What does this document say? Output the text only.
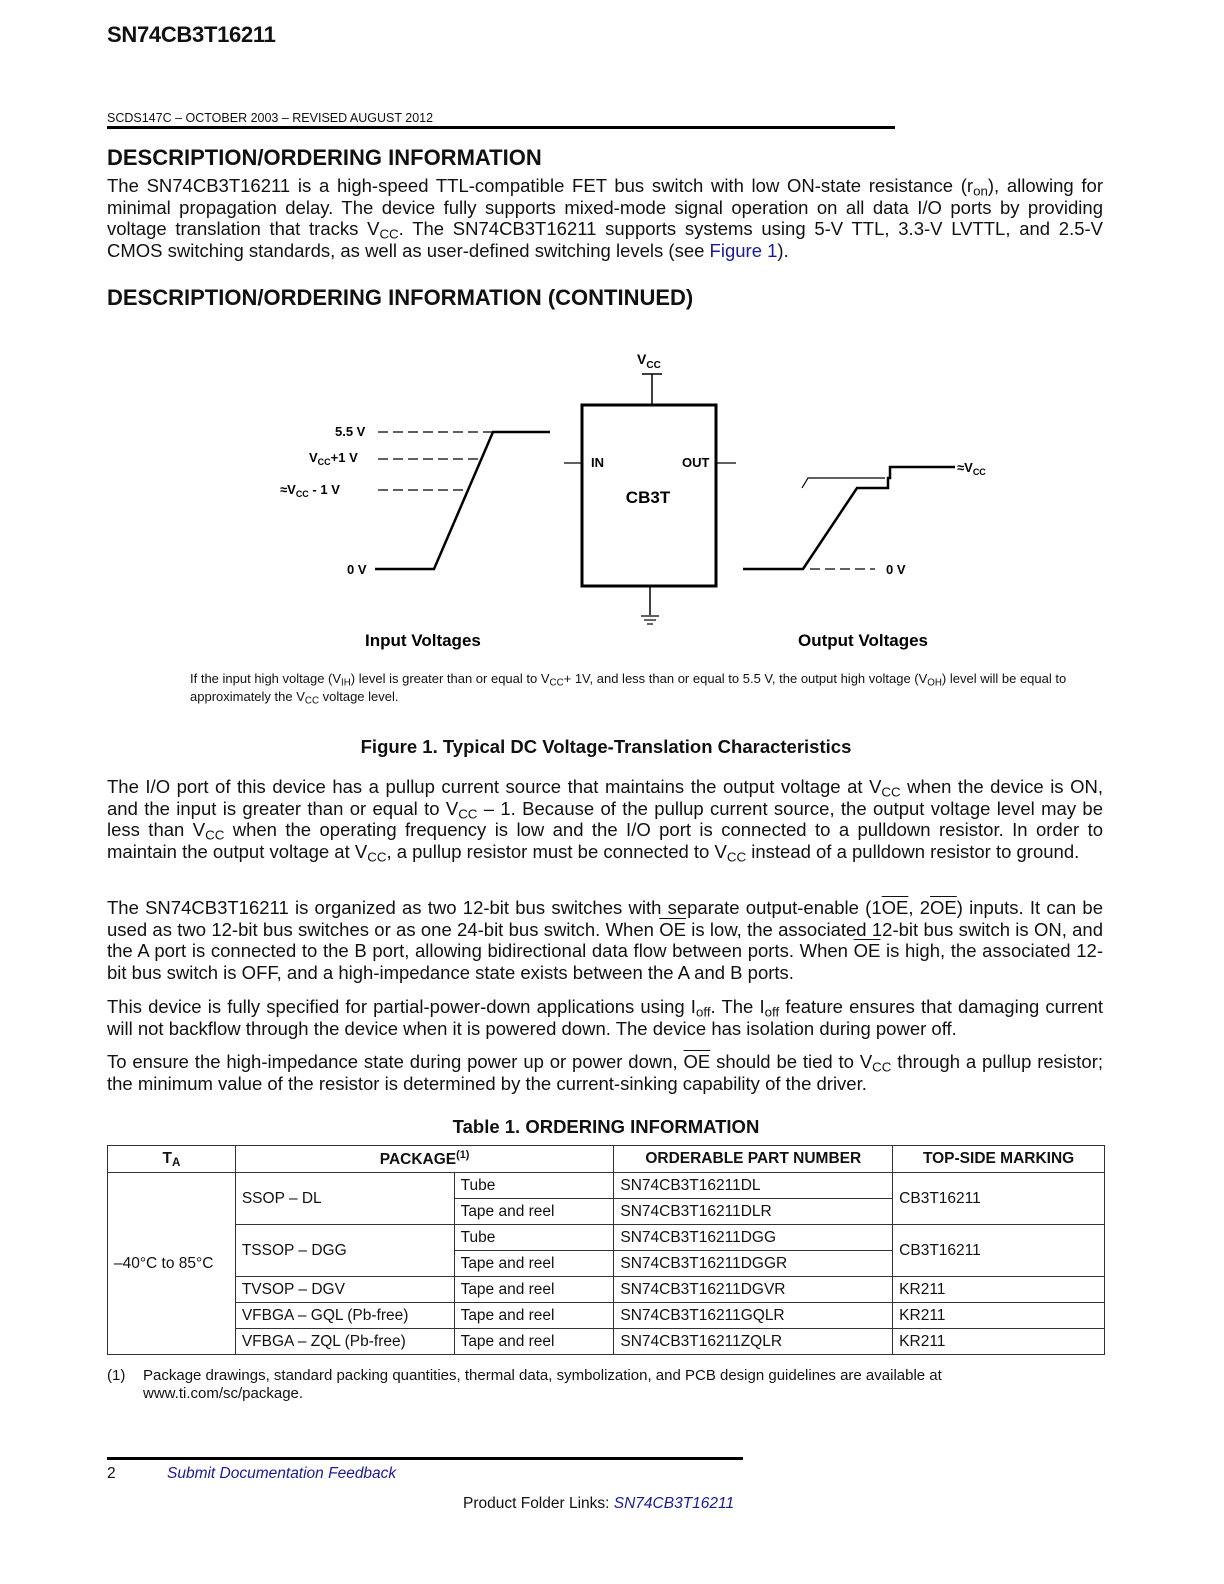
SN74CB3T16211
SCDS147C – OCTOBER 2003 – REVISED AUGUST 2012
DESCRIPTION/ORDERING INFORMATION
The SN74CB3T16211 is a high-speed TTL-compatible FET bus switch with low ON-state resistance $(r_{on})$, allowing for minimal propagation delay. The device fully supports mixed-mode signal operation on all data I/O ports by providing voltage translation that tracks $V_{CC}$. The SN74CB3T16211 supports systems using 5-V TTL, 3.3-V LVTTL, and 2.5-V CMOS switching standards, as well as user-defined switching levels (see Figure 1).
DESCRIPTION/ORDERING INFORMATION (CONTINUED)
$V_{CC}$
CB3T
IN	OUT
5.5 V
$V_{CC}+1$ V
$\approx V_{CC} - 1$ V
0 V
Input Voltages
0 V
$\approx V_{CC}$
Output Voltages
If the input high voltage $(V_{IH})$ level is greater than or equal to $V_{CC}+ 1V$, and less than or equal to 5.5 V, the output high voltage $(V_{OH})$ level will be equal to approximately the $V_{CC}$ voltage level.
Figure 1. Typical DC Voltage-Translation Characteristics
The I/O port of this device has a pullup current source that maintains the output voltage at $V_{CC}$ when the device is ON, and the input is greater than or equal to $V_{CC} - 1$. Because of the pullup current source, the output voltage level may be less than $V_{CC}$ when the operating frequency is low and the I/O port is connected to a pulldown resistor. In order to maintain the output voltage at $V_{CC}$, a pullup resistor must be connected to $V_{CC}$ instead of a pulldown resistor to ground.
The SN74CB3T16211 is organized as two 12-bit bus switches with separate output-enable ($1\overline{OE}$, $2\overline{OE}$) inputs. It can be used as two 12-bit bus switches or as one 24-bit bus switch. When $\overline{OE}$ is low, the associated 12-bit bus switch is ON, and the A port is connected to the B port, allowing bidirectional data flow between ports. When $\overline{OE}$ is high, the associated 12-bit bus switch is OFF, and a high-impedance state exists between the A and B ports.
This device is fully specified for partial-power-down applications using $I_{off}$. The $I_{off}$ feature ensures that damaging current will not backflow through the device when it is powered down. The device has isolation during power off.
To ensure the high-impedance state during power up or power down, $\overline{OE}$ should be tied to $V_{CC}$ through a pullup resistor; the minimum value of the resistor is determined by the current-sinking capability of the driver.
Table 1. ORDERING INFORMATION
$T_A$	PACKAGE$^{(1)}$		ORDERABLE PART NUMBER	TOP-SIDE MARKING
–40°C to 85°C	SSOP – DL	Tube	SN74CB3T16211DL	CB3T16211
		Tape and reel	SN74CB3T16211DLR	
	TSSOP – DGG	Tube	SN74CB3T16211DGG	CB3T16211
		Tape and reel	SN74CB3T16211DGGR	
	TVSOP – DGV	Tape and reel	SN74CB3T16211DGVR	KR211
	VFBGA – GQL (Pb-free)	Tape and reel	SN74CB3T16211GQLR	KR211
	VFBGA – ZQL (Pb-free)	Tape and reel	SN74CB3T16211ZQLR	KR211
(1) Package drawings, standard packing quantities, thermal data, symbolization, and PCB design guidelines are available at www.ti.com/sc/package.
2	Submit Documentation Feedback
Product Folder Links: SN74CB3T16211
